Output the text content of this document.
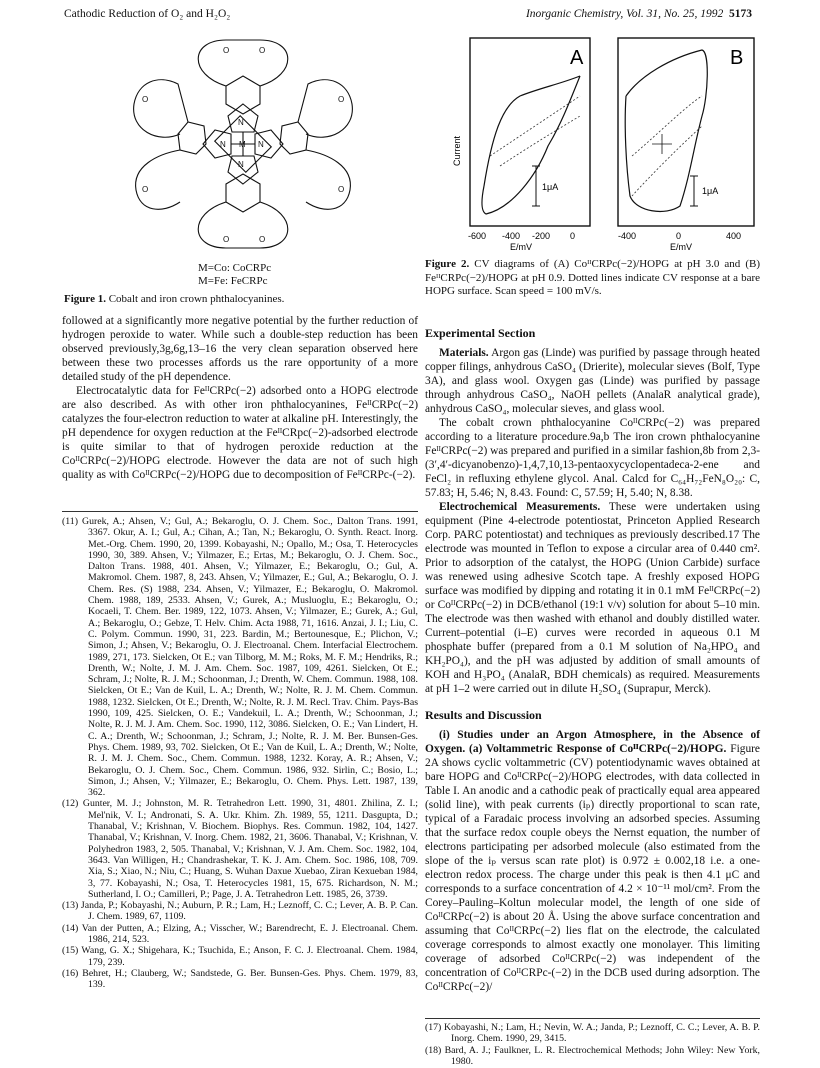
Cathodic Reduction of O₂ and H₂O₂	Inorganic Chemistry, Vol. 31, No. 25, 1992 5173
M
N
N
N	N
O	O
O	O
O	O
O	O
M=Co: CoCRPc
M=Fe: FeCRPc
Figure 1. Cobalt and iron crown phthalocyanines.

followed at a significantly more negative potential by the further reduction of hydrogen peroxide to water. While such a double-step reduction has been observed previously,3g,6g,13–16 the very clean separation observed here between these two processes affords us the rare opportunity of a more detailed study of the pH dependence.

Electrocatalytic data for FeᴵᴵCRPc(−2) adsorbed onto a HOPG electrode are also described. As with other iron phthalocyanines, FeᴵᴵCRPc(−2) catalyzes the four-electron reduction to water at alkaline pH. Interestingly, the pH dependence for oxygen reduction at the FeᴵᴵCRpc(−2)-adsorbed electrode is quite similar to that of hydrogen peroxide reduction at the CoᴵᴵCRPc(−2)/HOPG electrode. However the data are not of such high quality as with CoᴵᴵCRPc(−2)/HOPG due to decomposition of FeᴵᴵCRPc-(−2).

(11) Gurek, A.; Ahsen, V.; Gul, A.; Bekaroglu, O. J. Chem. Soc., Dalton Trans. 1991, 3367. Okur, A. I.; Gul, A.; Cihan, A.; Tan, N.; Bekaroglu, O. Synth. React. Inorg. Met.-Org. Chem. 1990, 20, 1399. Kobayashi, N.; Opallo, M.; Osa, T. Heterocycles 1990, 30, 389. Ahsen, V.; Yilmazer, E.; Ertas, M.; Bekaroglu, O. J. Chem. Soc., Dalton Trans. 1988, 401. Ahsen, V.; Yilmazer, E.; Bekaroglu, O.; Gul, A. Makromol. Chem. 1987, 8, 243. Ahsen, V.; Yilmazer, E.; Gul, A.; Bekaroglu, O. J. Chem. Res. (S) 1988, 234. Ahsen, V.; Yilmazer, E.; Bekaroglu, O. Makromol. Chem. 1988, 189, 2533. Ahsen, V.; Gurek, A.; Musluoglu, E.; Bekaroglu, O.; Kocaeli, T. Chem. Ber. 1989, 122, 1073. Ahsen, V.; Yilmazer, E.; Gurek, A.; Gul, A.; Bekaroglu, O.; Gebze, T. Helv. Chim. Acta 1988, 71, 1616. Anzai, J. I.; Liu, C. C. Polym. Commun. 1990, 31, 223. Bardin, M.; Bertounesque, E.; Plichon, V.; Simon, J.; Ahsen, V.; Bekaroglu, O. J. Electroanal. Chem. Interfacial Electrochem. 1989, 271, 173. Sielcken, Ot E.; van Tilborg, M. M.; Roks, M. F. M.; Hendriks, R.; Drenth, W.; Nolte, J. M. J. Am. Chem. Soc. 1987, 109, 4261. Sielcken, Ot E.; Schram, J.; Nolte, R. J. M.; Schoonman, J.; Drenth, W. Chem. Commun. 1988, 108. Sielcken, Ot E.; Van de Kuil, L. A.; Drenth, W.; Nolte, R. J. M. Chem. Commun. 1988, 1232. Sielcken, Ot E.; Drenth, W.; Nolte, R. J. M. Recl. Trav. Chim. Pays-Bas 1990, 109, 425. Sielcken, O. E.; Vandekuil, L. A.; Drenth, W.; Schoonman, J.; Nolte, R. J. M. J. Am. Chem. Soc. 1990, 112, 3086. Sielcken, O. E.; Van Lindert, H. C. A.; Drenth, W.; Schoonman, J.; Schram, J.; Nolte, R. J. M. Ber. Bunsen-Ges. Phys. Chem. 1989, 93, 702. Sielcken, Ot E.; Van de Kuil, L. A.; Drenth, W.; Nolte, R. J. M. J. Chem. Soc., Chem. Commun. 1988, 1232. Koray, A. R.; Ahsen, V.; Bekaroglu, O. J. Chem. Soc., Chem. Commun. 1986, 932. Sirlin, C.; Bosio, L.; Simon, J.; Ahsen, V.; Yilmazer, E.; Bekaroglu, O. Chem. Phys. Lett. 1987, 139, 362.

(12) Gunter, M. J.; Johnston, M. R. Tetrahedron Lett. 1990, 31, 4801. Zhilina, Z. I.; Mel'nik, V. I.; Andronati, S. A. Ukr. Khim. Zh. 1989, 55, 1211. Dasgupta, D.; Thanabal, V.; Krishnan, V. Biochem. Biophys. Res. Commun. 1982, 104, 1427. Thanabal, V.; Krishnan, V. Inorg. Chem. 1982, 21, 3606. Thanabal, V.; Krishnan, V. Polyhedron 1983, 2, 505. Thanabal, V.; Krishnan, V. J. Am. Chem. Soc. 1982, 104, 3643. Van Willigen, H.; Chandrashekar, T. K. J. Am. Chem. Soc. 1986, 108, 709. Xia, S.; Xiao, N.; Niu, C.; Huang, S. Wuhan Daxue Xuebao, Ziran Kexueban 1984, 3, 77. Kobayashi, N.; Osa, T. Heterocycles 1981, 15, 675. Richardson, N. M.; Sutherland, I. O.; Camilleri, P.; Page, J. A. Tetrahedron Lett. 1985, 26, 3739.

(13) Janda, P.; Kobayashi, N.; Auburn, P. R.; Lam, H.; Leznoff, C. C.; Lever, A. B. P. Can. J. Chem. 1989, 67, 1109.

(14) Van der Putten, A.; Elzing, A.; Visscher, W.; Barendrecht, E. J. Electroanal. Chem. 1986, 214, 523.

(15) Wang, G. X.; Shigehara, K.; Tsuchida, E.; Anson, F. C. J. Electroanal. Chem. 1984, 179, 239.

(16) Behret, H.; Clauberg, W.; Sandstede, G. Ber. Bunsen-Ges. Phys. Chem. 1979, 83, 139.

A
1μA
Current
-600 -400 -200 0
E/mV
B
1μA
-400	0	400
E/mV
Figure 2. CV diagrams of (A) CoᴵᴵCRPc(−2)/HOPG at pH 3.0 and (B) FeᴵᴵCRPc(−2)/HOPG at pH 0.9. Dotted lines indicate CV response at a bare HOPG surface. Scan speed = 100 mV/s.
Experimental Section

Materials. Argon gas (Linde) was purified by passage through heated copper filings, anhydrous CaSO₄ (Drierite), molecular sieves (Bolf, Type 3A), and glass wool. Oxygen gas (Linde) was purified by passage through anhydrous CaSO₄, NaOH pellets (AnalaR analytical grade), anhydrous CaSO₄, molecular sieves, and glass wool.

The cobalt crown phthalocyanine CoᴵᴵCRPc(−2) was prepared according to a literature procedure.9a,b The iron crown phthalocyanine FeᴵᴵCRPc(−2) was prepared and purified in a similar fashion,8b from 2,3-(3′,4′-dicyanobenzo)-1,4,7,10,13-pentaoxycyclopentadeca-2-ene and FeCl₂ in refluxing ethylene glycol. Anal. Calcd for C₆₄H₇₂FeN₈O₂₀: C, 57.83; H, 5.46; N, 8.43. Found: C, 57.59; H, 5.40; N, 8.38.

Electrochemical Measurements. These were undertaken using equipment (Pine 4-electrode potentiostat, Princeton Applied Research Corp. PARC potentiostat) and techniques as previously described.17 The electrode was mounted in Teflon to expose a circular area of 0.440 cm². Prior to adsorption of the catalyst, the HOPG (Union Carbide) surface was renewed using adhesive Scotch tape. A freshly exposed HOPG surface was modified by dipping and rotating it in 0.1 mM FeᴵᴵCRPc(−2) or CoᴵᴵCRPc(−2) in DCB/ethanol (19:1 v/v) solution for about 5–10 min. The electrode was then washed with ethanol and doubly distilled water. Current–potential (i–E) curves were recorded in aqueous 0.1 M phosphate buffer (prepared from a 0.1 M solution of Na₂HPO₄ and KH₂PO₄), and the pH was adjusted by addition of small amounts of KOH and H₃PO₄ (AnalaR, BDH chemicals) as required. Measurements at pH 1–2 were carried out in dilute H₂SO₄ (Suprapur, Merck).

Results and Discussion

(i) Studies under an Argon Atmosphere, in the Absence of Oxygen. (a) Voltammetric Response of CoᴵᴵCRPc(−2)/HOPG. Figure 2A shows cyclic voltammetric (CV) potentiodynamic waves obtained at bare HOPG and CoᴵᴵCRPc(−2)/HOPG electrodes, with data collected in Table I. An anodic and a cathodic peak of practically equal area appeared (solid line), with peak currents (iₚ) directly proportional to scan rate, typical of a Faradaic process involving an adsorbed species. Assuming that the surface redox couple obeys the Nernst equation, the number of electrons participating per adsorbed molecule (also estimated from the slope of the iₚ versus scan rate plot) is 0.972 ± 0.002,18 i.e. a one-electron redox process. The charge under this peak is then 4.1 μC and corresponds to a surface concentration of 4.2 × 10⁻¹¹ mol/cm². From the Corey–Pauling–Koltun molecular model, the length of one side of CoᴵᴵCRPc(−2) is about 20 Å. Using the above surface concentration and assuming that CoᴵᴵCRPc(−2) lies flat on the electrode, the calculated coverage corresponds to almost exactly one monolayer. This limiting coverage of adsorbed CoᴵᴵCRPc(−2) was independent of the concentration of CoᴵᴵCRPc-(−2) in the DCB used during adsorption. The CoᴵᴵCRPc(−2)/

(17) Kobayashi, N.; Lam, H.; Nevin, W. A.; Janda, P.; Leznoff, C. C.; Lever, A. B. P. Inorg. Chem. 1990, 29, 3415.

(18) Bard, A. J.; Faulkner, L. R. Electrochemical Methods; John Wiley: New York, 1980.
